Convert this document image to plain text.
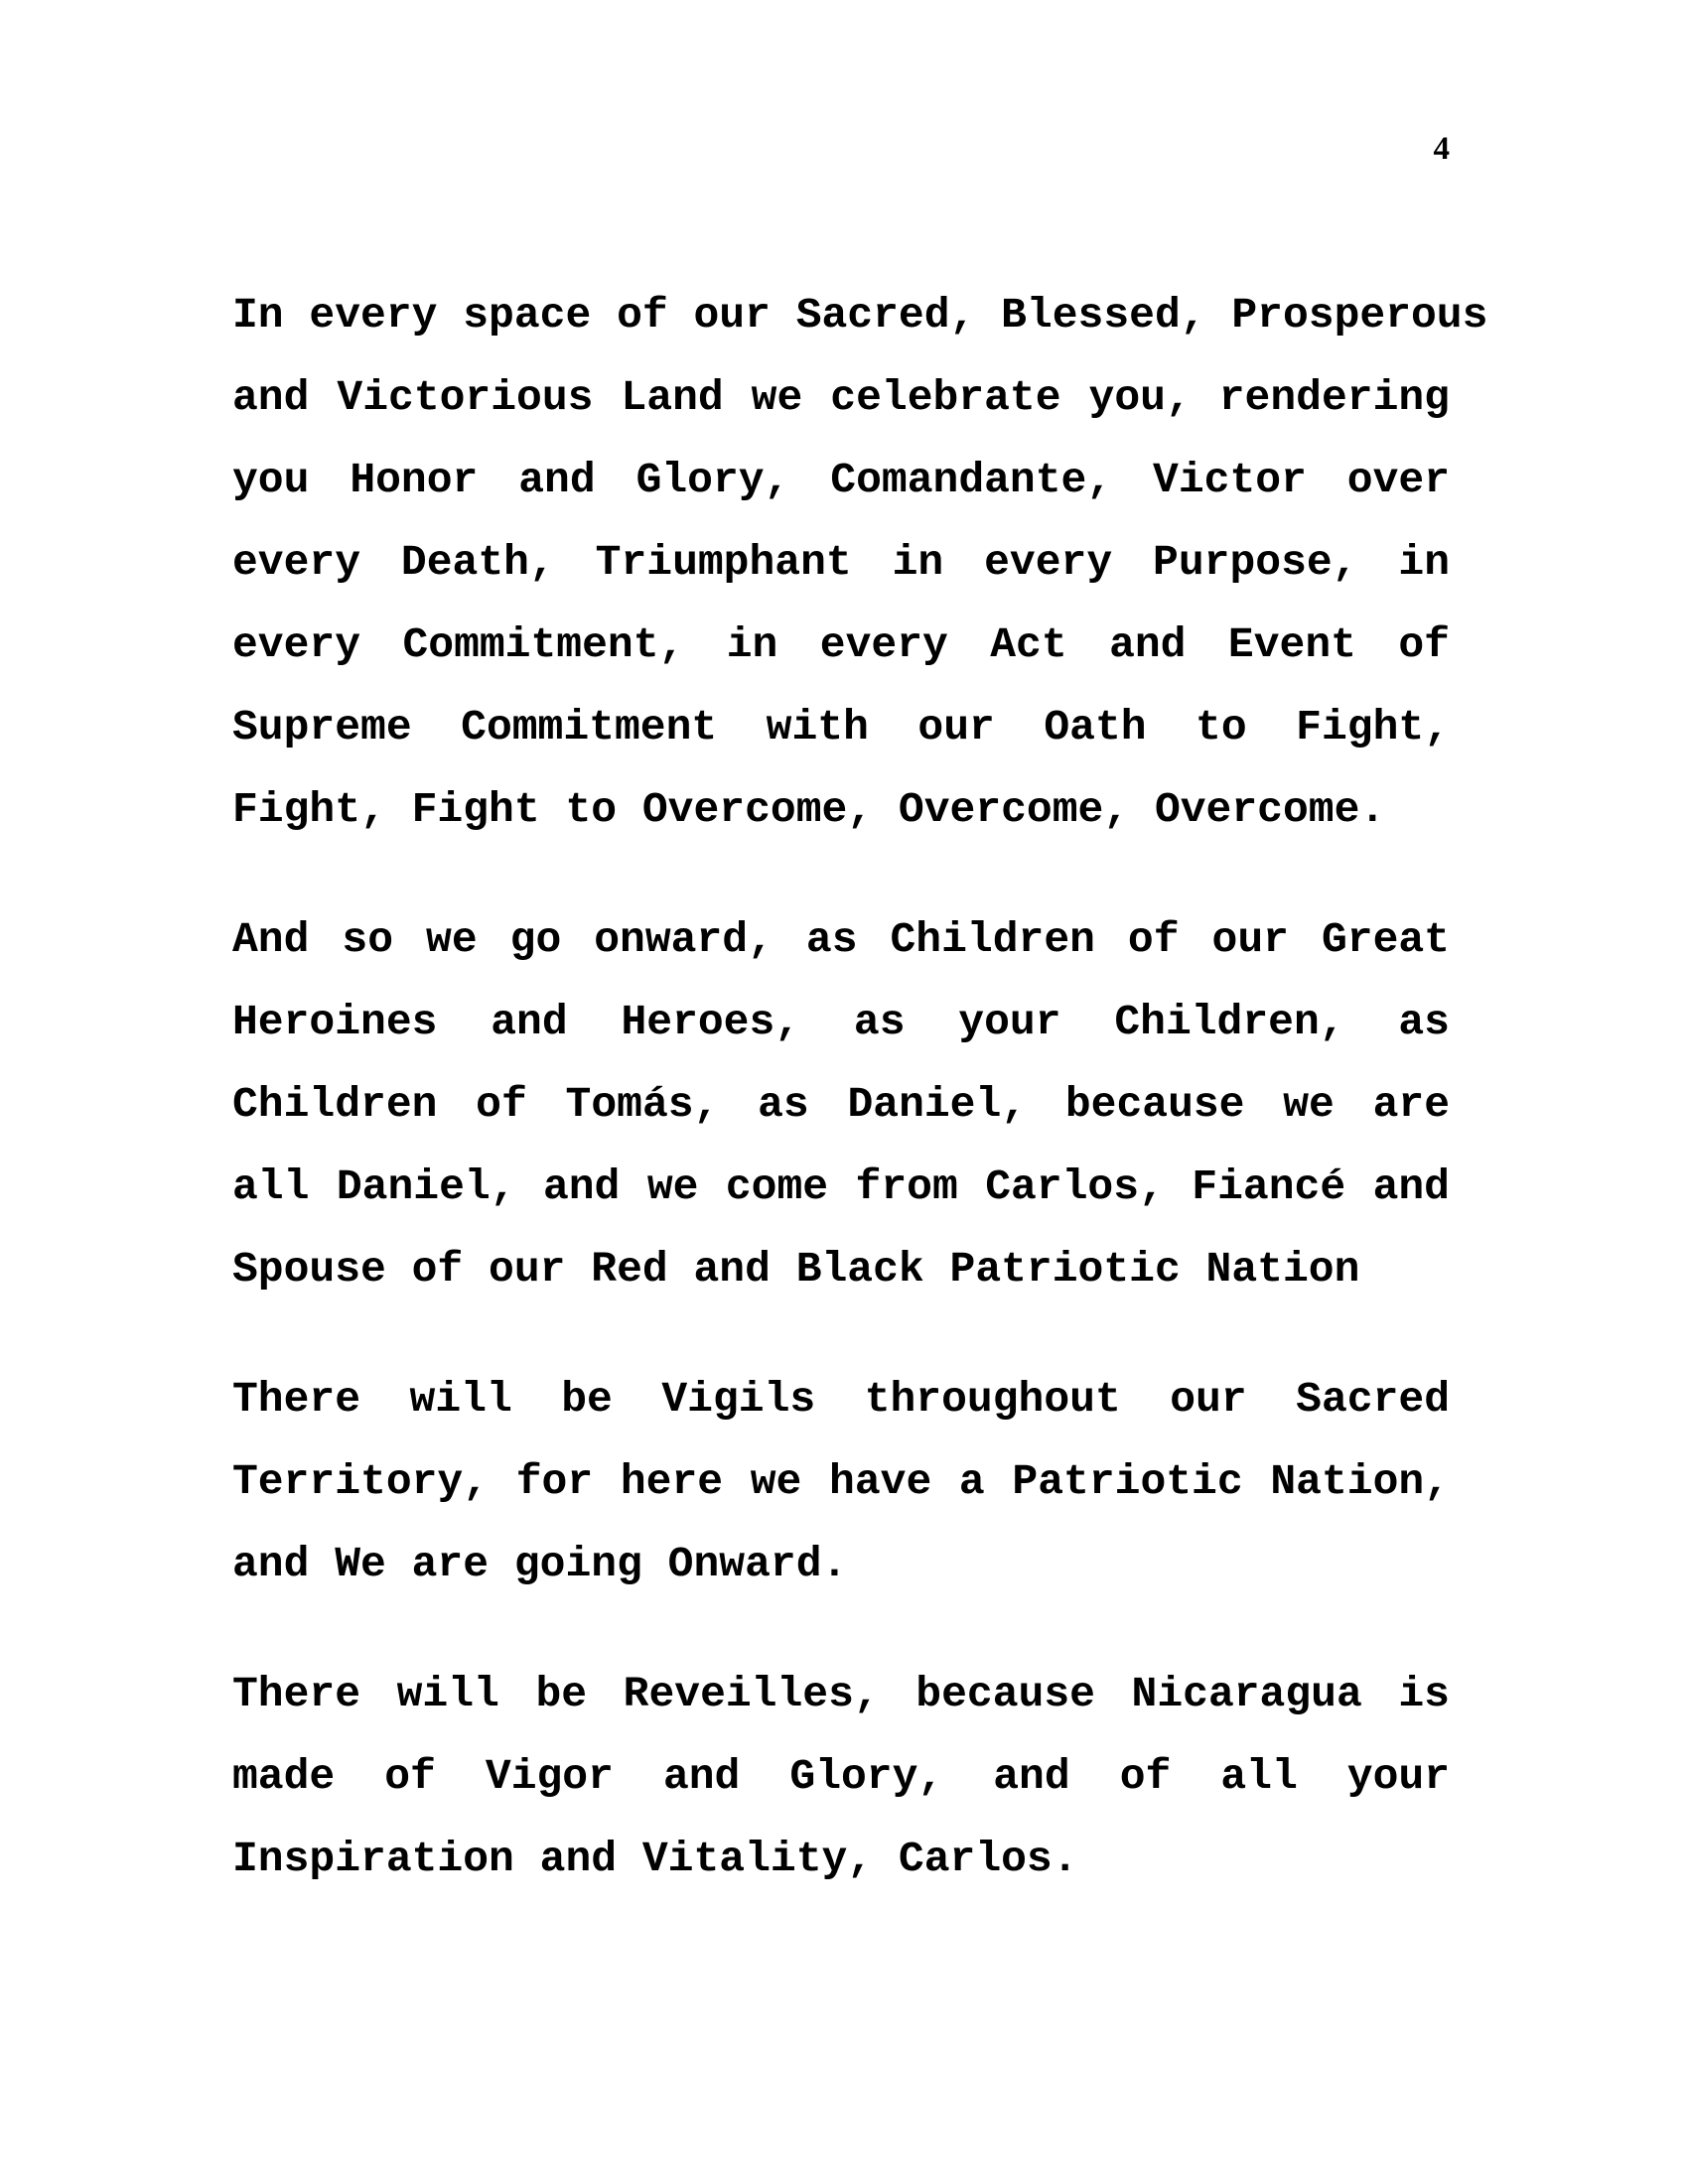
4

In every space of our Sacred, Blessed, Prosperous
and Victorious Land we celebrate you, rendering
you Honor and Glory, Comandante, Victor over
every Death, Triumphant in every Purpose, in
every Commitment, in every Act and Event of
Supreme Commitment with our Oath to Fight,
Fight, Fight to Overcome, Overcome, Overcome.

And so we go onward, as Children of our Great
Heroines and Heroes, as your Children, as
Children of Tomás, as Daniel, because we are
all Daniel, and we come from Carlos, Fiancé and
Spouse of our Red and Black Patriotic Nation

There will be Vigils throughout our Sacred
Territory, for here we have a Patriotic Nation,
and We are going Onward.

There will be Reveilles, because Nicaragua is
made of Vigor and Glory, and of all your
Inspiration and Vitality, Carlos.
